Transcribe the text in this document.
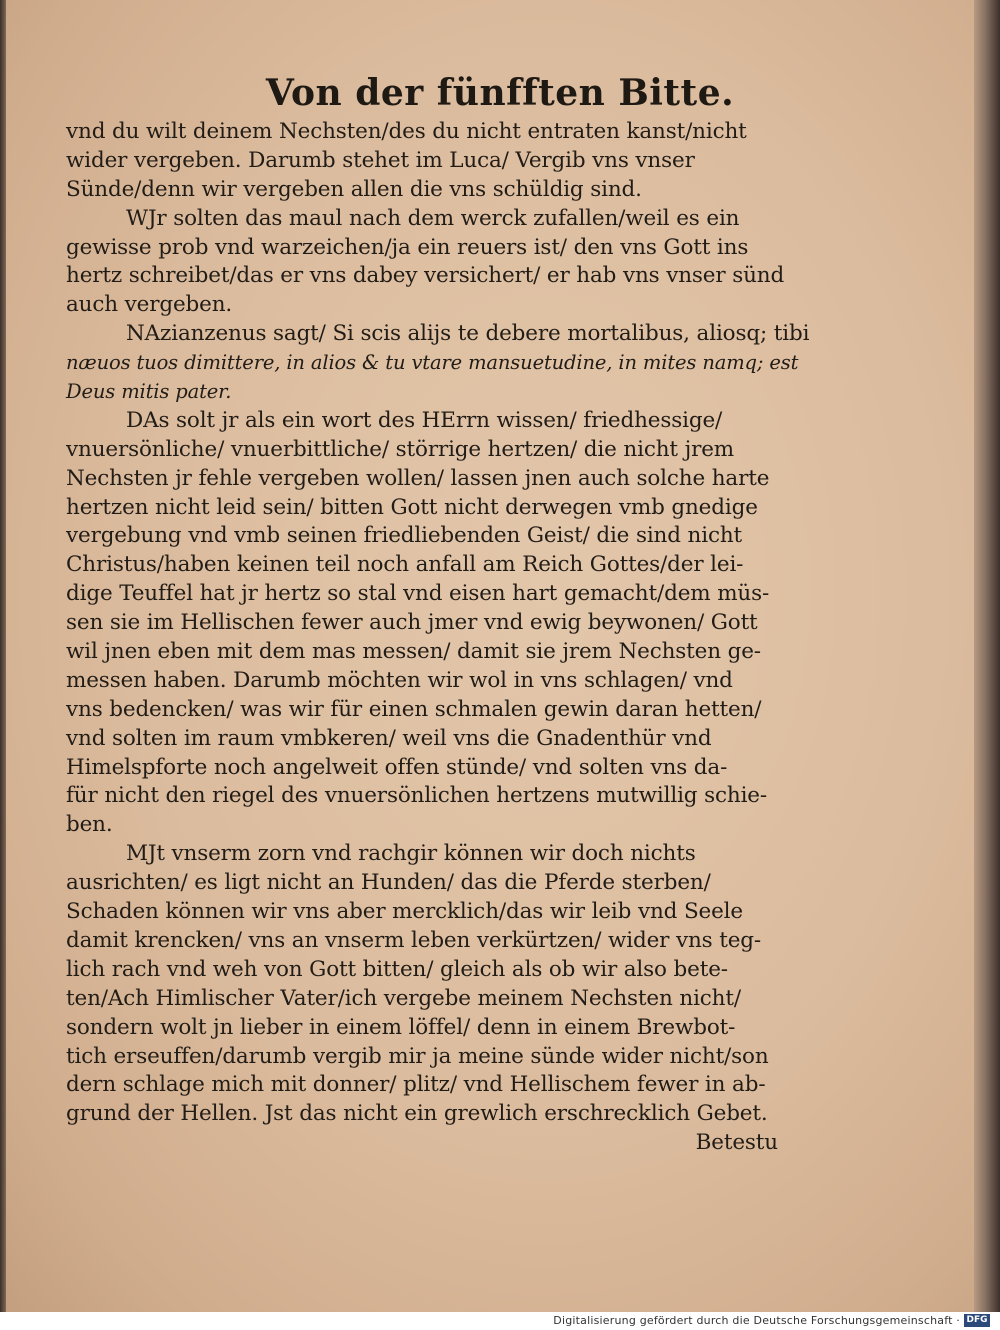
Von der fünfften Bitte.
vnd du wilt deinem Nechsten/des du nicht entraten kanst/nicht
wider vergeben. Darumb stehet im Luca/ Vergib vns vnser
Sünde/denn wir vergeben allen die vns schüldig sind.
WJr solten das maul nach dem werck zufallen/weil es ein
gewisse prob vnd warzeichen/ja ein reuers ist/ den vns Gott ins
hertz schreibet/das er vns dabey versichert/ er hab vns vnser sünd
auch vergeben.
NAzianzenus sagt/ Si scis alijs te debere mortalibus, aliosq; tibi
næuos tuos dimittere, in alios & tu vtare mansuetudine, in mites namq; est
Deus mitis pater.
DAs solt jr als ein wort des HErrn wissen/ friedhessige/
vnuersönliche/ vnuerbittliche/ störrige hertzen/ die nicht jrem
Nechsten jr fehle vergeben wollen/ lassen jnen auch solche harte
hertzen nicht leid sein/ bitten Gott nicht derwegen vmb gnedige
vergebung vnd vmb seinen friedliebenden Geist/ die sind nicht
Christus/haben keinen teil noch anfall am Reich Gottes/der lei-
dige Teuffel hat jr hertz so stal vnd eisen hart gemacht/dem müs-
sen sie im Hellischen fewer auch jmer vnd ewig beywonen/ Gott
wil jnen eben mit dem mas messen/ damit sie jrem Nechsten ge-
messen haben. Darumb möchten wir wol in vns schlagen/ vnd
vns bedencken/ was wir für einen schmalen gewin daran hetten/
vnd solten im raum vmbkeren/ weil vns die Gnadenthür vnd
Himelspforte noch angelweit offen stünde/ vnd solten vns da-
für nicht den riegel des vnuersönlichen hertzens mutwillig schie-
ben.
MJt vnserm zorn vnd rachgir können wir doch nichts
ausrichten/ es ligt nicht an Hunden/ das die Pferde sterben/
Schaden können wir vns aber mercklich/das wir leib vnd Seele
damit krencken/ vns an vnserm leben verkürtzen/ wider vns teg-
lich rach vnd weh von Gott bitten/ gleich als ob wir also bete-
ten/Ach Himlischer Vater/ich vergebe meinem Nechsten nicht/
sondern wolt jn lieber in einem löffel/ denn in einem Brewbot-
tich erseuffen/darumb vergib mir ja meine sünde wider nicht/son
dern schlage mich mit donner/ plitz/ vnd Hellischem fewer in ab-
grund der Hellen. Jst das nicht ein grewlich erschrecklich Gebet.
Betestu
Digitalisierung gefördert durch die Deutsche Forschungsgemeinschaft · DFG
